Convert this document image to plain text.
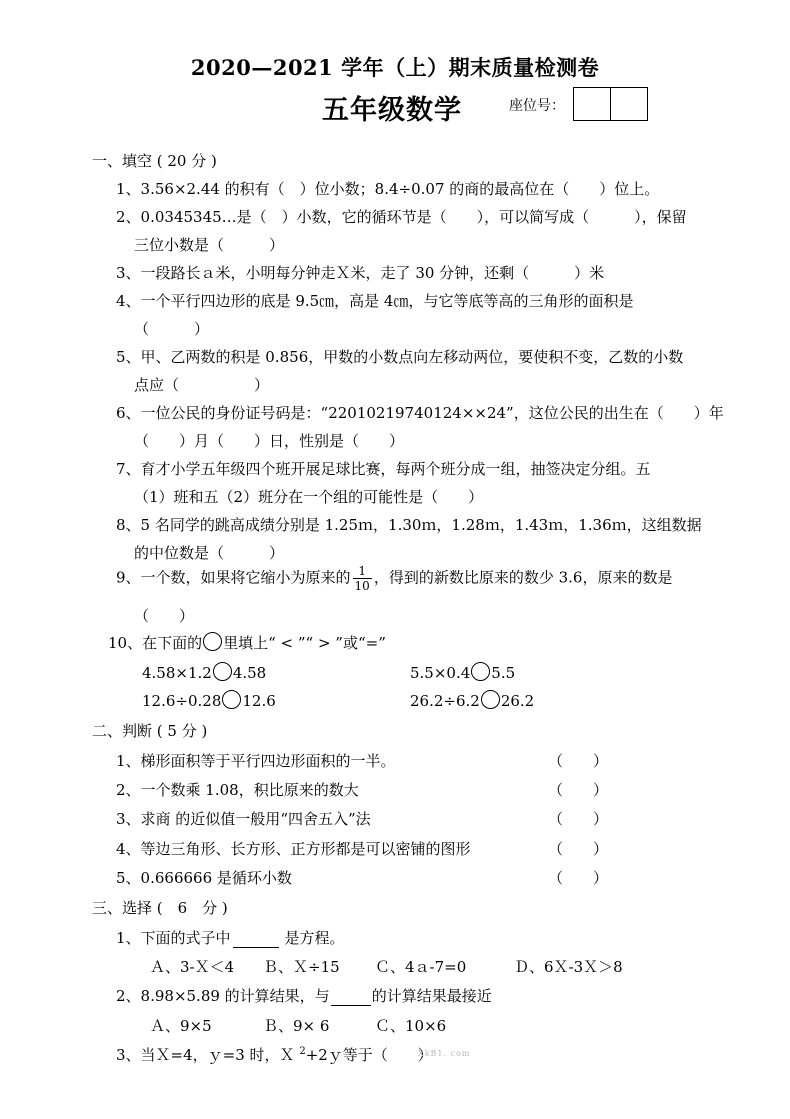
2020—2021 学年（上）期末质量检测卷
五年级数学	座位号：
一、填空 ( 20 分 )
1、3.56×2.44 的积有（　）位小数；8.4÷0.07 的商的最高位在（　　）位上。
2、0.0345345…是（　）小数，它的循环节是（　　），可以简写成（　　　），保留
三位小数是（　　　）
3、一段路长ａ米，小明每分钟走Ｘ米，走了 30 分钟，还剩（　　　）米
4、一个平行四边形的底是 9.5㎝，高是 4㎝，与它等底等高的三角形的面积是
（　　　）
5、甲、乙两数的积是 0.856，甲数的小数点向左移动两位，要使积不变，乙数的小数
点应（　　　　　）
6、一位公民的身份证号码是：“22010219740124××24”，这位公民的出生在（　　）年
（　　）月（　　）日，性别是（　　）
7、育才小学五年级四个班开展足球比赛，每两个班分成一组，抽签决定分组。五
（1）班和五（2）班分在一个组的可能性是（　　）
8、5 名同学的跳高成绩分别是 1.25ｍ，1.30ｍ，1.28ｍ，1.43ｍ，1.36ｍ，这组数据
的中位数是（　　　）
9、一个数，如果将它缩小为原来的 $\frac{1}{10}$ ，得到的新数比原来的数少 3.6，原来的数是
（　　）
10、在下面的 里填上“ < ”“ > ”或“=”
4.58×1.2 4.58	5.5×0.4 5.5
12.6÷0.28 12.6	26.2÷6.2 26.2
二、判断 ( 5 分 )
1、梯形面积等于平行四边形面积的一半。	（　　）
2、一个数乘 1.08，积比原来的数大	（　　）
3、求商 的近似值一般用“四舍五入”法	（　　）
4、等边三角形、长方形、正方形都是可以密铺的图形	（　　）
5、0.666666 是循环小数	（　　）
三、选择 (　6　分 )
1、下面的式子中	是方程。
Ａ、3-Ｘ＜4 Ｂ、Ｘ÷15 Ｃ、4ａ-7=0	Ｄ、6Ｘ-3Ｘ＞8
2、8.98×5.89 的计算结果，与	的计算结果最接近
Ａ、9×5	Ｂ、9× 6	Ｃ、10×6
3、当Ｘ=4，ｙ=3 时，Ｘ $^2$+2ｙ等于（　　）
XkB1. com
